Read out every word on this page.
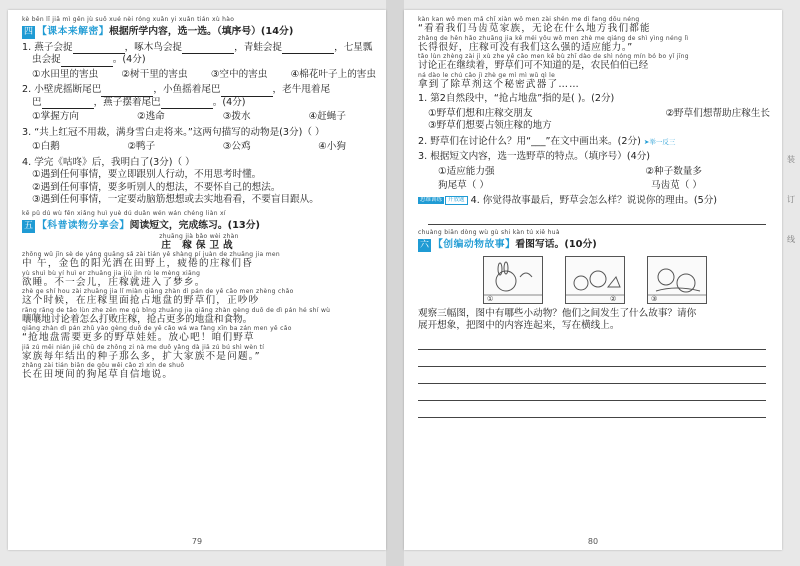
kè běn lǐ jiā mì gěn jù suǒ xué nèi róng xuǎn yi xuǎn tián xù hào
四 【课本来解密】 根据所学内容，选一选。（填序号）(14分)
1. 燕子会捉	，啄木鸟会捉	，青蛙会捉	，七星瓢
虫会捉	。(4分)
①水田里的害虫 ②树干里的害虫 ③空中的害虫 ④棉花叶子上的害虫
2. 小壁虎摇断尾巴	，小鱼摇着尾巴	，老牛甩着尾
巴	，燕子摆着尾巴	。(4分)
①掌握方向	②逃命	③拨水	④赶蝇子
3. “共上红冠不用裁，满身雪白走将来。”这两句描写的动物是(3分)（ ）
①白鹅	②鸭子	③公鸡	④小狗
4. 学完《咕咚》后，我明白了(3分)（ ）
①遇到任何事情，要立即跟别人行动，不用思考时懂。
②遇到任何事情，要多听别人的想法，不要怀自己的想法。
③遇到任何事情，一定要动脑筋想想或去实地看看，不要盲目跟从。
kē pǔ dú wù fēn xiǎng huì yuè dú duǎn wén wán chéng liàn xí
五 【科普读物分享会】 阅读短文，完成练习。(13分)
zhuāng jià bǎo wèi zhàn
庄 稼保卫战
zhōng wǔ jīn sè de yáng guāng sǎ zài tián yě shàng pí juàn de zhuāng jia men
中 午，金色的阳光洒在田野上，疲倦的庄稼们昏
yù shuì bù yí huì er zhuāng jia jiù jìn rù le mèng xiāng
欲睡。不一会儿，庄稼就进入了梦乡。
zhè ge shí hou zài zhuāng jia lǐ miàn qiǎng zhàn dì pán de yě cǎo men zhèng chǎo
这个时候，在庄稼里面抢占地盘的野草们，正吵吵
rāng rāng de tǎo lùn zhe zěn me qù bǐng zhuāng jia qiǎng zhàn gèng duō de dì pán hé shí wù
嚷嚷地讨论着怎么打败庄稼，抢占更多的地盘和食物。
qiǎng zhàn dì pán zhǔ yào gèng duō de yě cǎo wá wa fàng xīn ba zán men yě cǎo
“抢地盘需要更多的野草娃娃。放心吧！咱们野草
jiā zú měi nián jiē chū de zhǒng zi nà me duō yǎng dà jiā zú bú shì wèn tí
家族每年结出的种子那么多，扩大家族不是问题。”
zhǎng zài tián biān de gǒu wěi cǎo zì xìn de shuō
长在田埂间的狗尾草自信地说。
79
kàn kan wǒ men mǎ chǐ xiàn wǒ men zài shén me dì fang dōu néng
“看看我们马齿苋家族，无论在什么地方我们都能
zhǎng de hěn hǎo zhuāng jia kě méi yǒu wǒ men zhè me qiáng de shì yìng néng lì
长得很好，庄稼可没有我们这么强的适应能力。”
tǎo lùn zhèng zài jì xù zhe yě cǎo men kě bù zhī dào de shì nóng mín bó bo yǐ jīng
讨论正在继续着，野草们可不知道的是，农民伯伯已经
ná dào le chú cǎo jì zhè ge mì mì wǔ qì le
拿到了除草剂这个秘密武器了……
1. 第2自然段中，“抢占地盘”指的是( )。(2分)
①野草们想和庄稼交朋友	②野草们想帮助庄稼生长
③野草们想要占领庄稼的地方
2. 野草们在讨论什么？用“___”在文中画出来。(2分) ➤举一反三
3. 根据短文内容，选一选野草的特点。（填序号）(4分)
①适应能力强	②种子数量多
狗尾草（ ）	马齿苋（ ）
思维训练 开放题 4. 你觉得故事最后，野草会怎么样？说说你的理由。(5分)
chuàng biān dòng wù gù shi kàn tú xiě huà
六 【创编动物故事】 看图写话。(10分)
①	②	③
观察三幅图，图中有哪些小动物？他们之间发生了什么故事？请你
展开想象，把图中的内容连起来，写在横线上。
80
装
订
线
